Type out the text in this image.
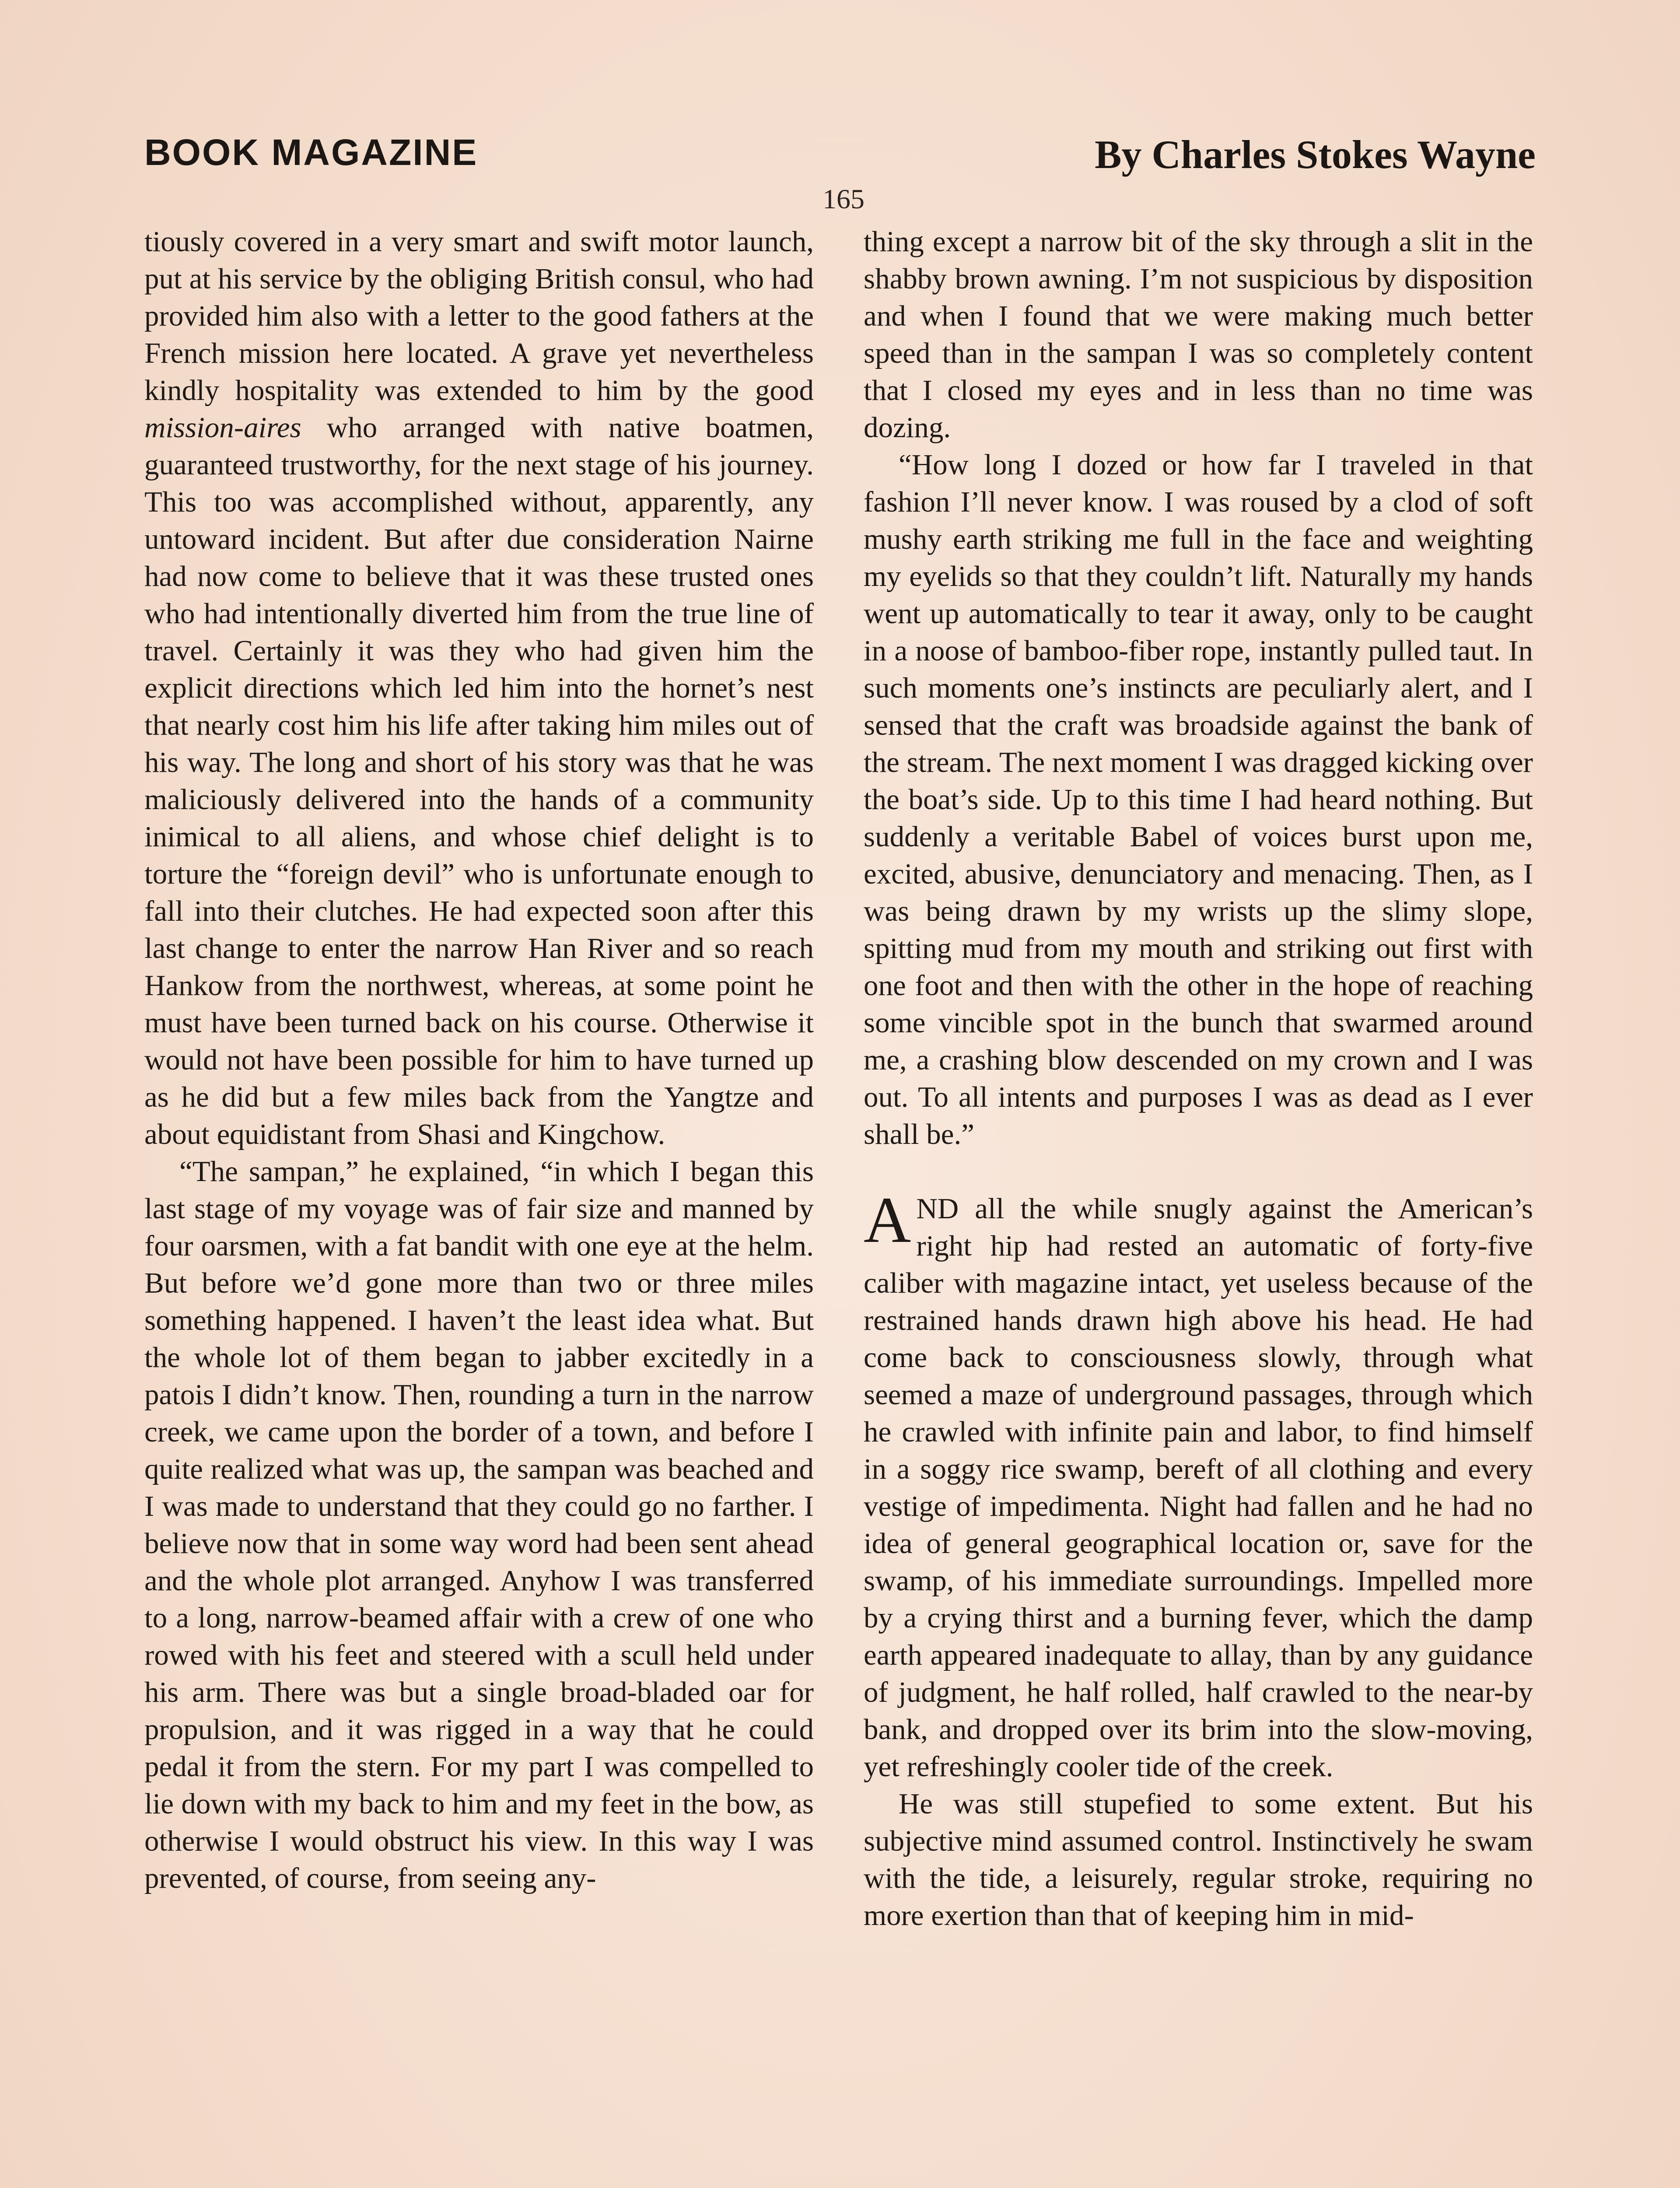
BOOK MAGAZINE	By Charles Stokes Wayne
165

tiously covered in a very smart and swift motor launch, put at his service by the obliging British consul, who had provided him also with a letter to the good fathers at the French mission here located. A grave yet nevertheless kindly hospitality was extended to him by the good mission-aires who arranged with native boatmen, guaranteed trustworthy, for the next stage of his journey. This too was accomplished without, apparently, any untoward incident. But after due consideration Nairne had now come to believe that it was these trusted ones who had intentionally diverted him from the true line of travel. Certainly it was they who had given him the explicit directions which led him into the hornet’s nest that nearly cost him his life after taking him miles out of his way. The long and short of his story was that he was maliciously delivered into the hands of a community inimical to all aliens, and whose chief delight is to torture the “foreign devil” who is unfortunate enough to fall into their clutches. He had expected soon after this last change to enter the narrow Han River and so reach Hankow from the northwest, whereas, at some point he must have been turned back on his course. Otherwise it would not have been possible for him to have turned up as he did but a few miles back from the Yangtze and about equidistant from Shasi and Kingchow.

“The sampan,” he explained, “in which I began this last stage of my voyage was of fair size and manned by four oarsmen, with a fat bandit with one eye at the helm. But before we’d gone more than two or three miles something happened. I haven’t the least idea what. But the whole lot of them began to jabber excitedly in a patois I didn’t know. Then, rounding a turn in the narrow creek, we came upon the border of a town, and before I quite realized what was up, the sampan was beached and I was made to understand that they could go no farther. I believe now that in some way word had been sent ahead and the whole plot arranged. Anyhow I was transferred to a long, narrow-beamed affair with a crew of one who rowed with his feet and steered with a scull held under his arm. There was but a single broad-bladed oar for propulsion, and it was rigged in a way that he could pedal it from the stern. For my part I was compelled to lie down with my back to him and my feet in the bow, as otherwise I would obstruct his view. In this way I was prevented, of course, from seeing any-

thing except a narrow bit of the sky through a slit in the shabby brown awning. I’m not suspicious by disposition and when I found that we were making much better speed than in the sampan I was so completely content that I closed my eyes and in less than no time was dozing.

“How long I dozed or how far I traveled in that fashion I’ll never know. I was roused by a clod of soft mushy earth striking me full in the face and weighting my eyelids so that they couldn’t lift. Naturally my hands went up automatically to tear it away, only to be caught in a noose of bamboo-fiber rope, instantly pulled taut. In such moments one’s instincts are peculiarly alert, and I sensed that the craft was broadside against the bank of the stream. The next moment I was dragged kicking over the boat’s side. Up to this time I had heard nothing. But suddenly a veritable Babel of voices burst upon me, excited, abusive, denunciatory and menacing. Then, as I was being drawn by my wrists up the slimy slope, spitting mud from my mouth and striking out first with one foot and then with the other in the hope of reaching some vincible spot in the bunch that swarmed around me, a crashing blow descended on my crown and I was out. To all intents and purposes I was as dead as I ever shall be.”

AND all the while snugly against the American’s right hip had rested an automatic of forty-five caliber with magazine intact, yet useless because of the restrained hands drawn high above his head. He had come back to consciousness slowly, through what seemed a maze of underground passages, through which he crawled with infinite pain and labor, to find himself in a soggy rice swamp, bereft of all clothing and every vestige of impedimenta. Night had fallen and he had no idea of general geographical location or, save for the swamp, of his immediate surroundings. Impelled more by a crying thirst and a burning fever, which the damp earth appeared inadequate to allay, than by any guidance of judgment, he half rolled, half crawled to the near-by bank, and dropped over its brim into the slow-moving, yet refreshingly cooler tide of the creek.

He was still stupefied to some extent. But his subjective mind assumed control. Instinctively he swam with the tide, a leisurely, regular stroke, requiring no more exertion than that of keeping him in mid-
